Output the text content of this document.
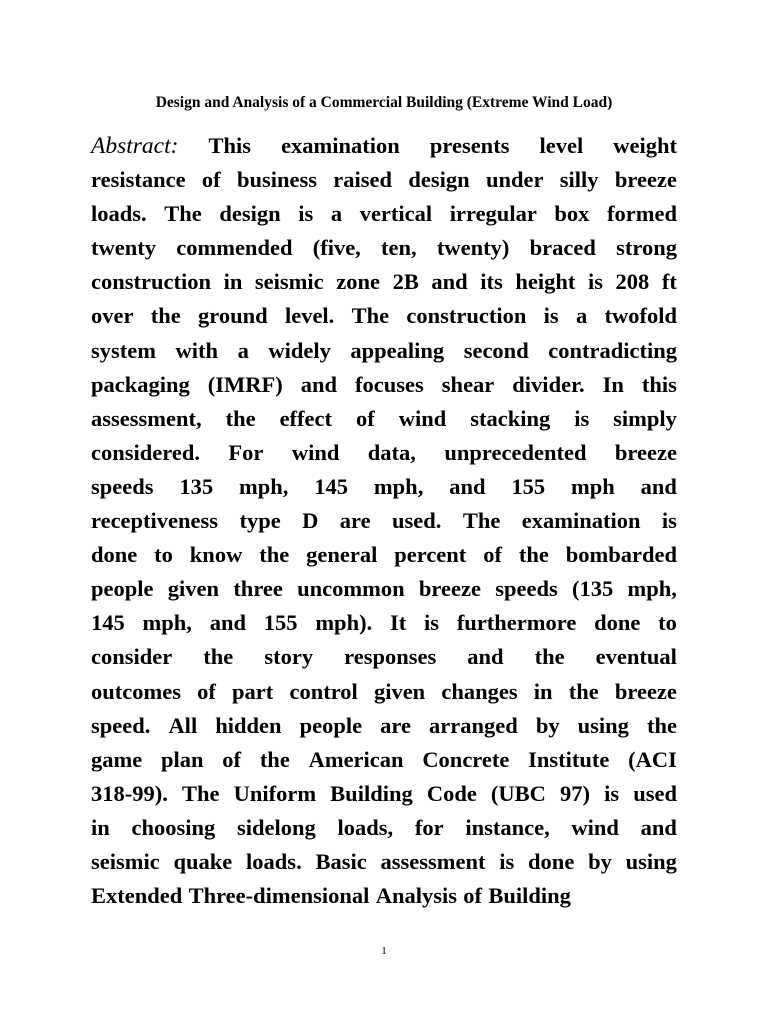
Design and Analysis of a Commercial Building (Extreme Wind Load)
Abstract: This examination presents level weight
resistance of business raised design under silly breeze
loads. The design is a vertical irregular box formed
twenty commended (five, ten, twenty) braced strong
construction in seismic zone 2B and its height is 208 ft
over the ground level. The construction is a twofold
system with a widely appealing second contradicting
packaging (IMRF) and focuses shear divider. In this
assessment, the effect of wind stacking is simply
considered. For wind data, unprecedented breeze
speeds 135 mph, 145 mph, and 155 mph and
receptiveness type D are used. The examination is
done to know the general percent of the bombarded
people given three uncommon breeze speeds (135 mph,
145 mph, and 155 mph). It is furthermore done to
consider the story responses and the eventual
outcomes of part control given changes in the breeze
speed. All hidden people are arranged by using the
game plan of the American Concrete Institute (ACI
318-99). The Uniform Building Code (UBC 97) is used
in choosing sidelong loads, for instance, wind and
seismic quake loads. Basic assessment is done by using
Extended Three-dimensional Analysis of Building
1
